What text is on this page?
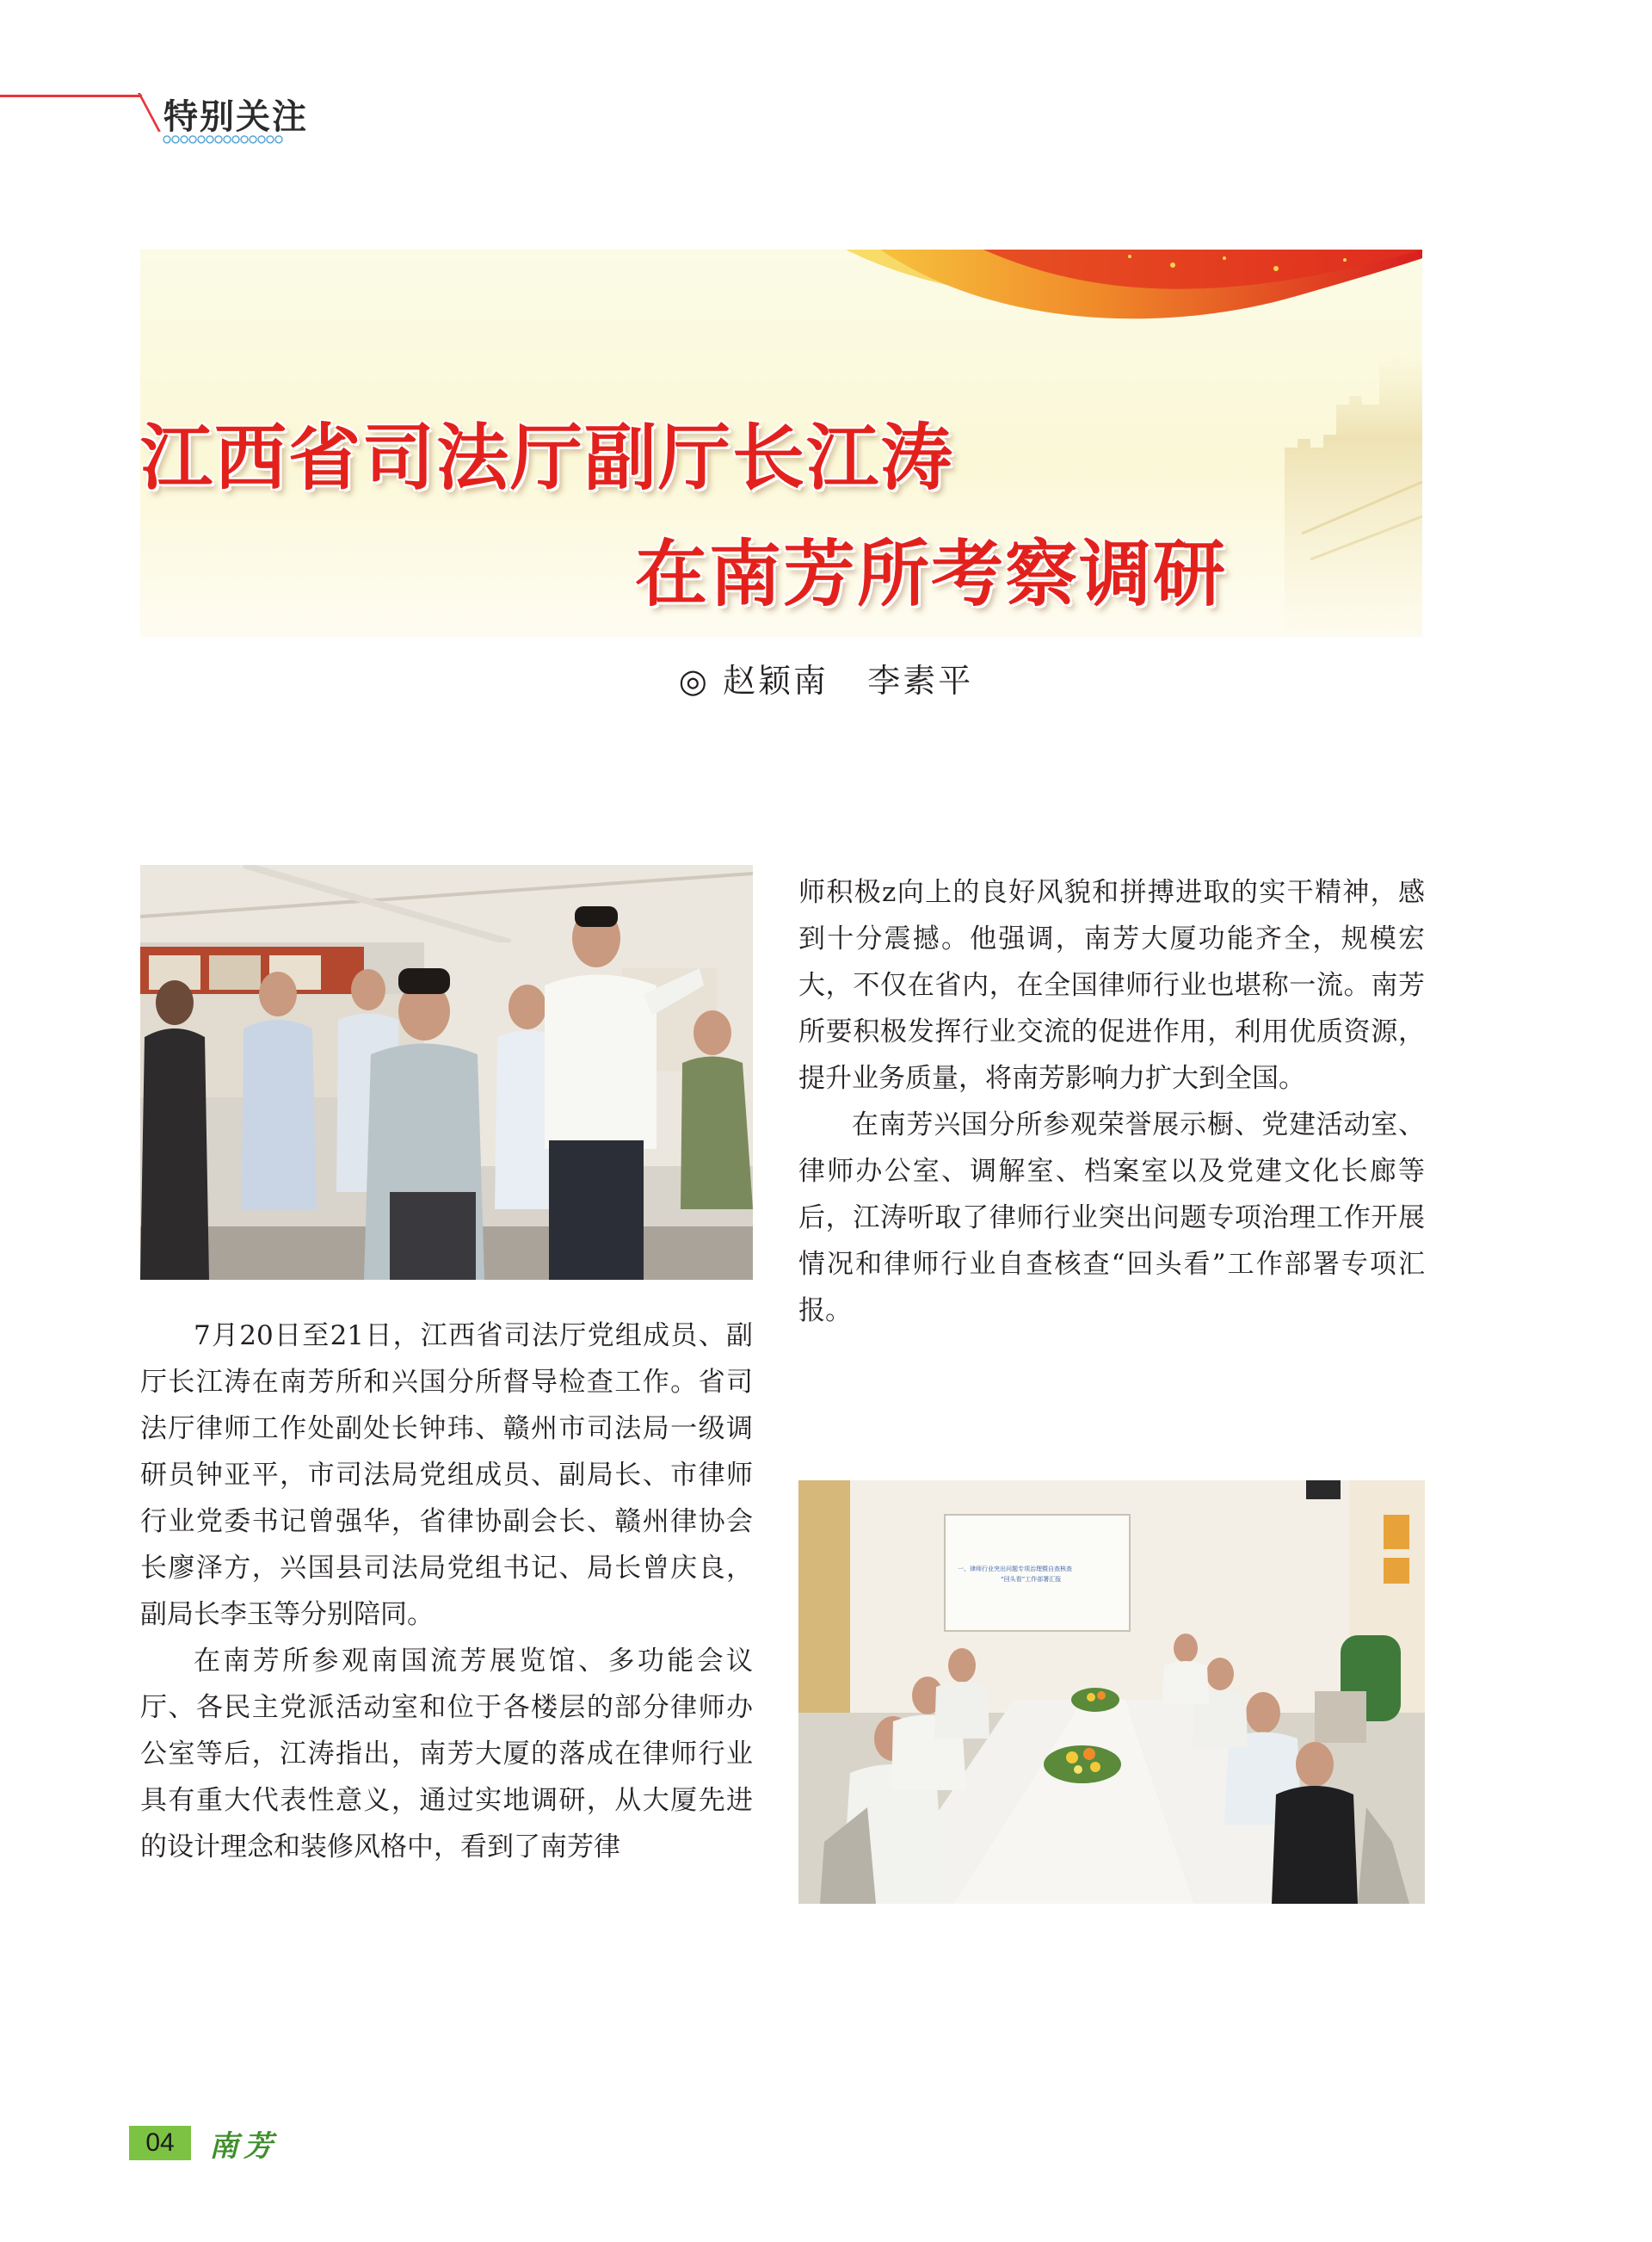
特别关注
江西省司法厅副厅长江涛
在南芳所考察调研
◎ 赵颖南   李素平

7月20日至21日，江西省司法厅党组成员、副厅长江涛在南芳所和兴国分所督导检查工作。省司法厅律师工作处副处长钟玮、赣州市司法局一级调研员钟亚平，市司法局党组成员、副局长、市律师行业党委书记曾强华，省律协副会长、赣州律协会长廖泽方，兴国县司法局党组书记、局长曾庆良，副局长李玉等分别陪同。

在南芳所参观南国流芳展览馆、多功能会议厅、各民主党派活动室和位于各楼层的部分律师办公室等后，江涛指出，南芳大厦的落成在律师行业具有重大代表性意义，通过实地调研，从大厦先进的设计理念和装修风格中，看到了南芳律

师积极z向上的良好风貌和拼搏进取的实干精神，感到十分震撼。他强调，南芳大厦功能齐全，规模宏大，不仅在省内，在全国律师行业也堪称一流。南芳所要积极发挥行业交流的促进作用，利用优质资源，提升业务质量，将南芳影响力扩大到全国。

在南芳兴国分所参观荣誉展示橱、党建活动室、律师办公室、调解室、档案室以及党建文化长廊等后，江涛听取了律师行业突出问题专项治理工作开展情况和律师行业自查核查“回头看”工作部署专项汇报。

一、律师行业突出问题专项治理暨自查核查
“回头看”工作部署汇报
04	南芳
